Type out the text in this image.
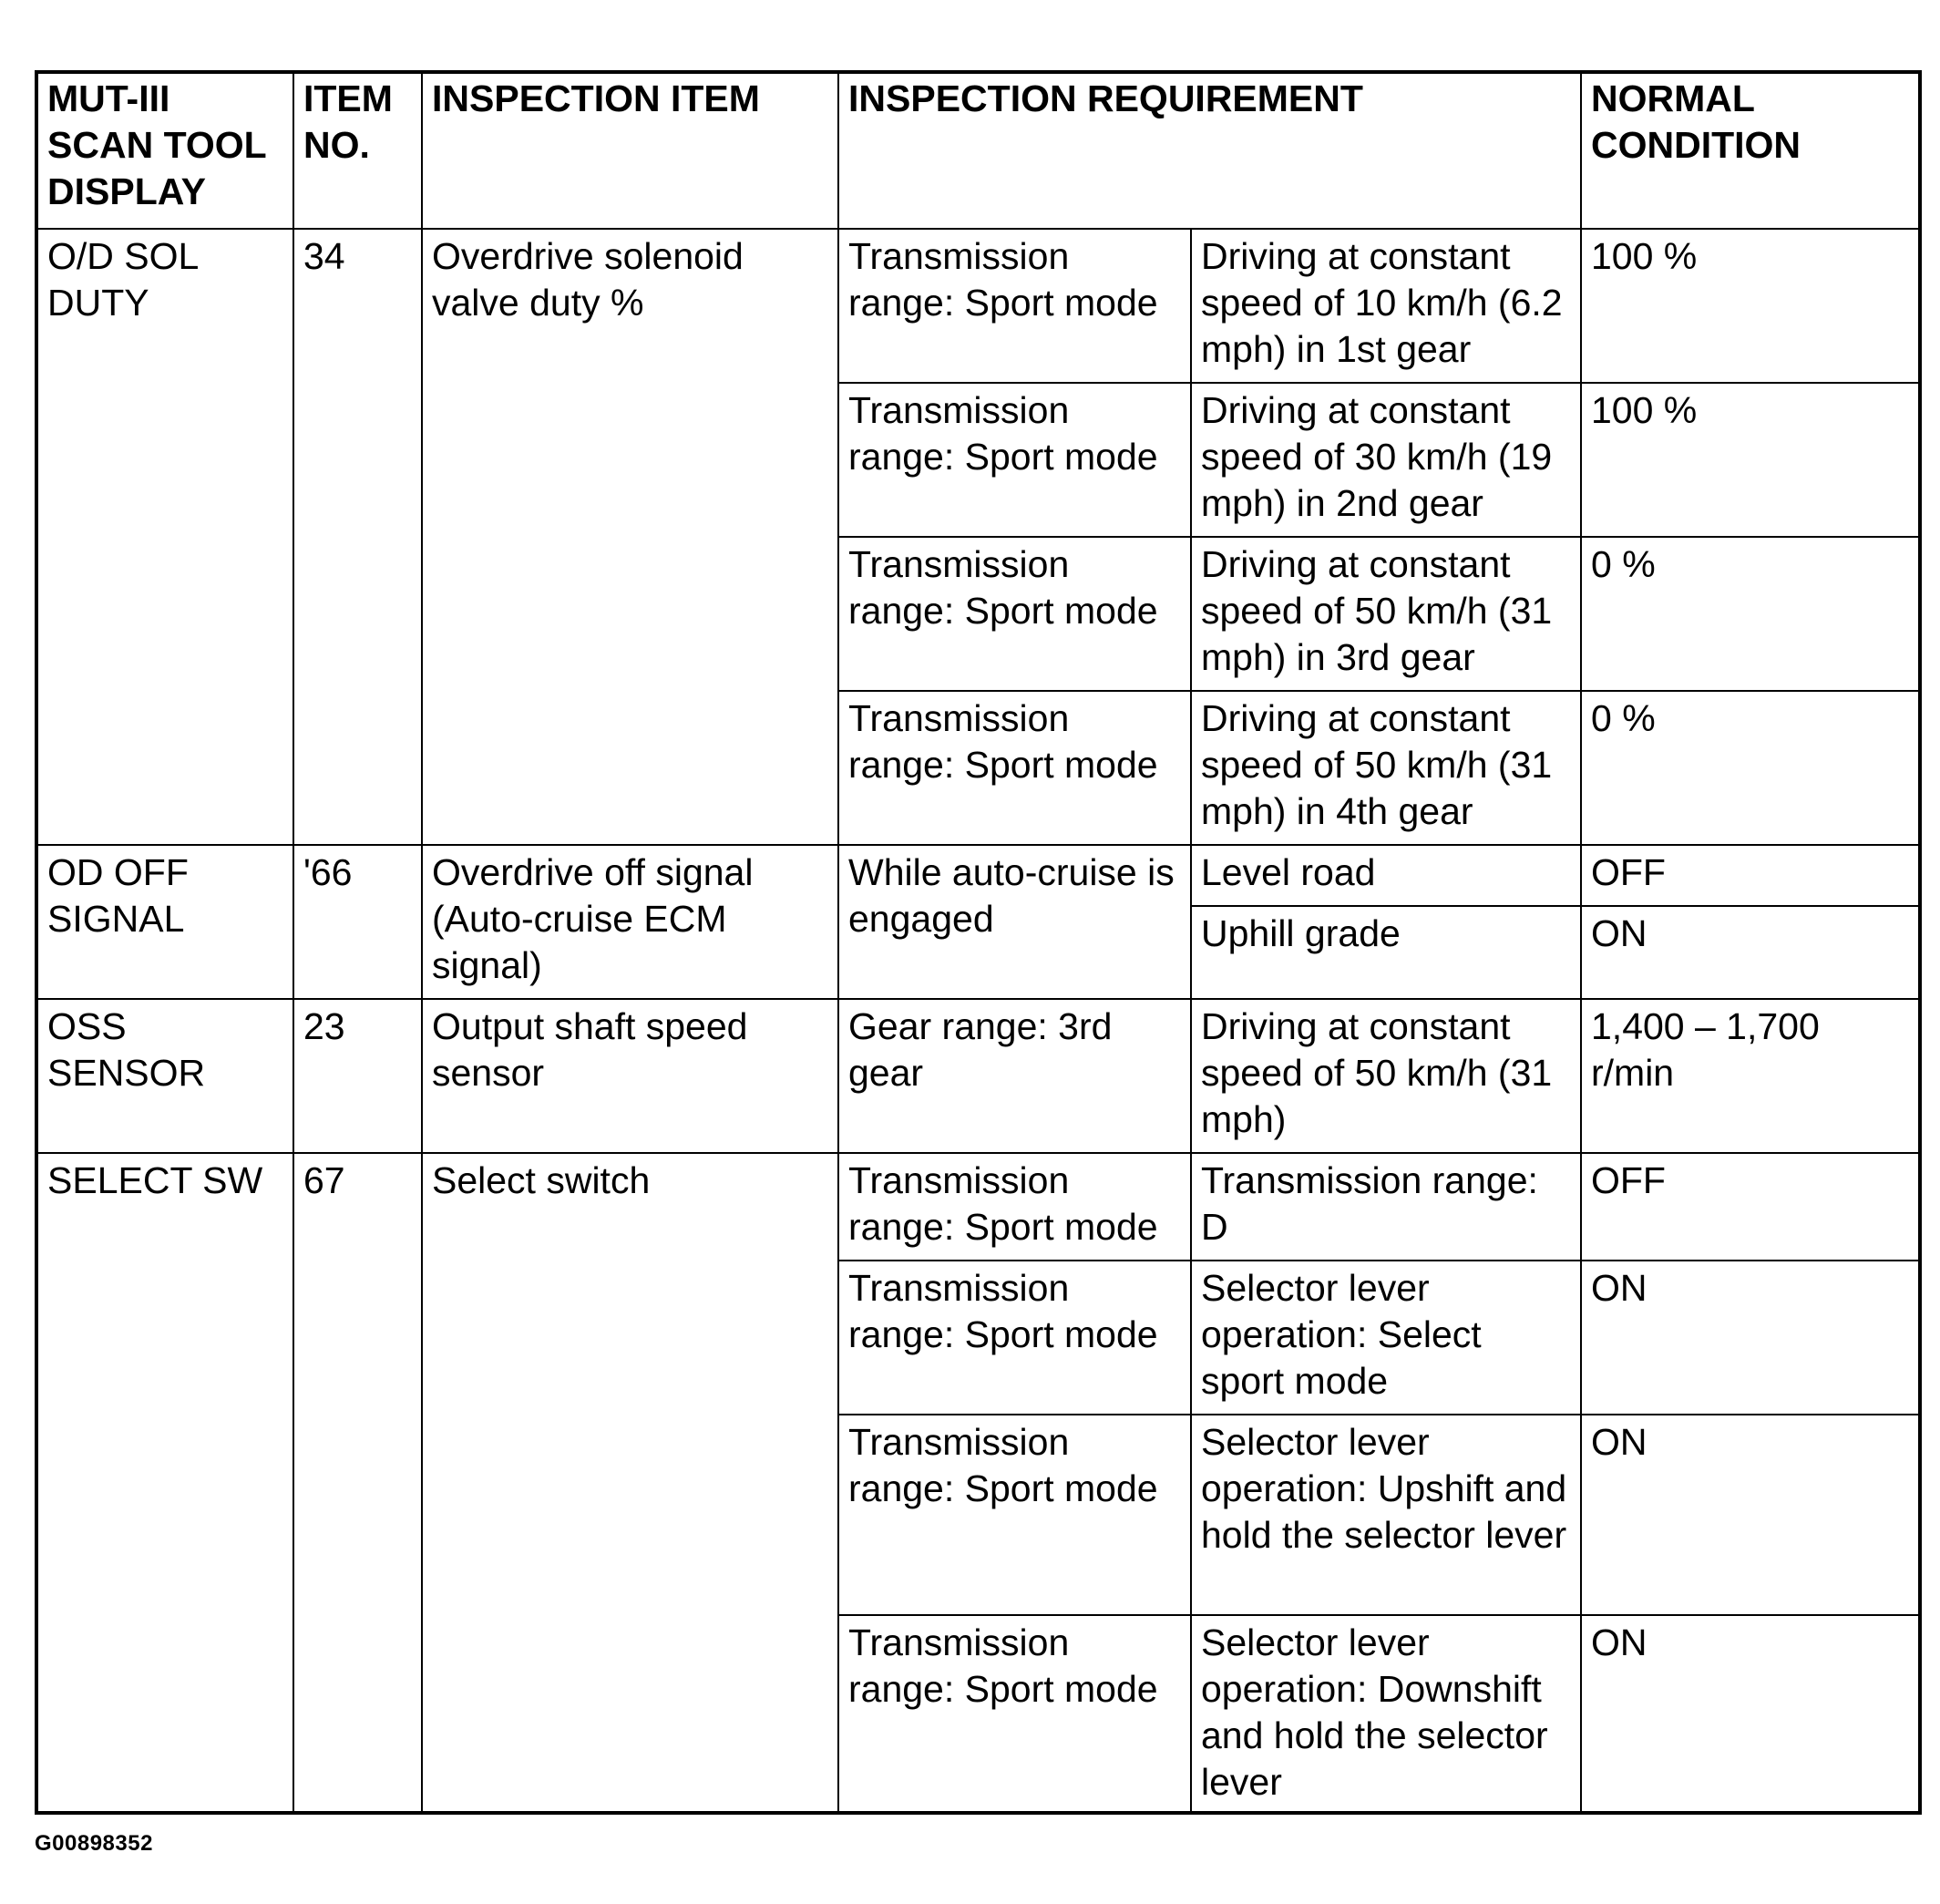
MUT-III SCAN TOOL DISPLAY	ITEM NO.	INSPECTION ITEM	INSPECTION REQUIREMENT		NORMAL CONDITION
O/D SOL DUTY	34	Overdrive solenoid valve duty %	Transmission range: Sport mode	Driving at constant speed of 10 km/h (6.2 mph) in 1st gear	100 %
			Transmission range: Sport mode	Driving at constant speed of 30 km/h (19 mph) in 2nd gear	100 %
			Transmission range: Sport mode	Driving at constant speed of 50 km/h (31 mph) in 3rd gear	0 %
			Transmission range: Sport mode	Driving at constant speed of 50 km/h (31 mph) in 4th gear	0 %
OD OFF SIGNAL	'66	Overdrive off signal (Auto-cruise ECM signal)	While auto-cruise is engaged	Level road	OFF
				Uphill grade	ON
OSS SENSOR	23	Output shaft speed sensor	Gear range: 3rd gear	Driving at constant speed of 50 km/h (31 mph)	1,400 – 1,700 r/min
SELECT SW	67	Select switch	Transmission range: Sport mode	Transmission range: D	OFF
			Transmission range: Sport mode	Selector lever operation: Select sport mode	ON
			Transmission range: Sport mode	Selector lever operation: Upshift and hold the selector lever	ON
			Transmission range: Sport mode	Selector lever operation: Downshift and hold the selector lever	ON
G00898352
